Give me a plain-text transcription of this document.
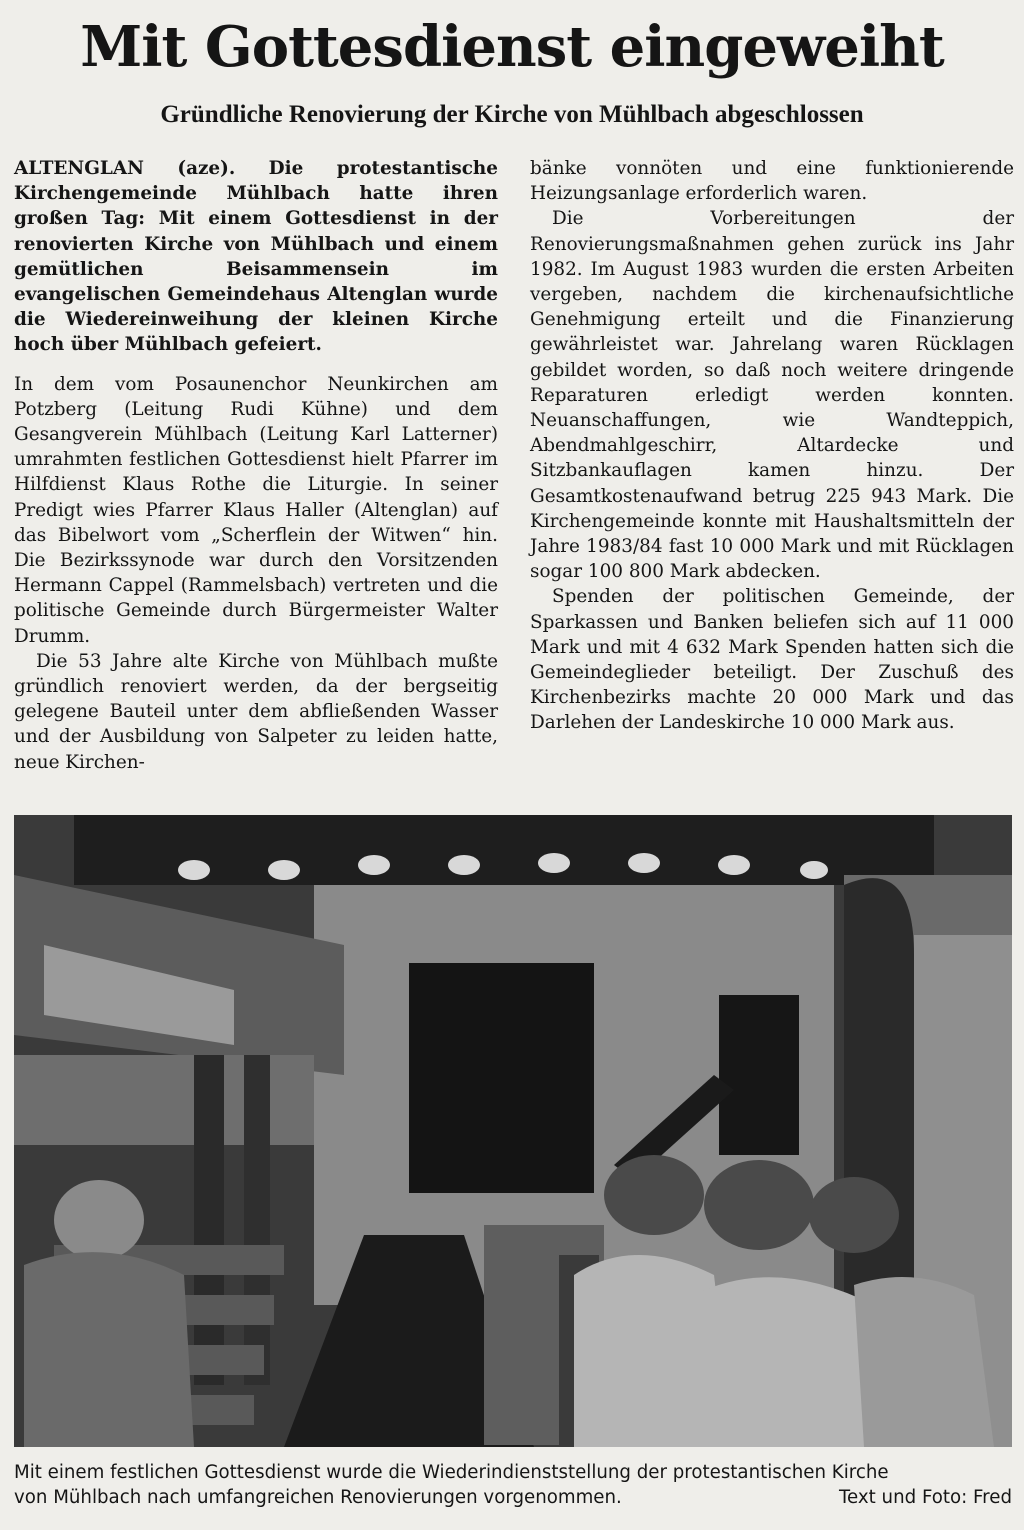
Mit Gottesdienst eingeweiht
Gründliche Renovierung der Kirche von Mühlbach abgeschlossen

ALTENGLAN (aze). Die protestantische Kirchengemeinde Mühlbach hatte ihren großen Tag: Mit einem Gottesdienst in der renovierten Kirche von Mühlbach und einem gemütlichen Beisammensein im evangelischen Gemeindehaus Altenglan wurde die Wiedereinweihung der kleinen Kirche hoch über Mühlbach gefeiert.

In dem vom Posaunenchor Neunkirchen am Potzberg (Leitung Rudi Kühne) und dem Gesangverein Mühlbach (Leitung Karl Latterner) umrahmten festlichen Gottesdienst hielt Pfarrer im Hilfdienst Klaus Rothe die Liturgie. In seiner Predigt wies Pfarrer Klaus Haller (Altenglan) auf das Bibelwort vom „Scherflein der Witwen“ hin. Die Bezirkssynode war durch den Vorsitzenden Hermann Cappel (Rammelsbach) vertreten und die politische Gemeinde durch Bürgermeister Walter Drumm.

Die 53 Jahre alte Kirche von Mühlbach mußte gründlich renoviert werden, da der bergseitig gelegene Bauteil unter dem abfließenden Wasser und der Ausbildung von Salpeter zu leiden hatte, neue Kirchen-

bänke vonnöten und eine funktionierende Heizungsanlage erforderlich waren.

Die Vorbereitungen der Renovierungsmaßnahmen gehen zurück ins Jahr 1982. Im August 1983 wurden die ersten Arbeiten vergeben, nachdem die kirchenaufsichtliche Genehmigung erteilt und die Finanzierung gewährleistet war. Jahrelang waren Rücklagen gebildet worden, so daß noch weitere dringende Reparaturen erledigt werden konnten. Neuanschaffungen, wie Wandteppich, Abendmahlgeschirr, Altardecke und Sitzbankauflagen kamen hinzu. Der Gesamtkostenaufwand betrug 225 943 Mark. Die Kirchengemeinde konnte mit Haushaltsmitteln der Jahre 1983/84 fast 10 000 Mark und mit Rücklagen sogar 100 800 Mark abdecken.

Spenden der politischen Gemeinde, der Sparkassen und Banken beliefen sich auf 11 000 Mark und mit 4 632 Mark Spenden hatten sich die Gemeindeglieder beteiligt. Der Zuschuß des Kirchenbezirks machte 20 000 Mark und das Darlehen der Landeskirche 10 000 Mark aus.

Mit einem festlichen Gottesdienst wurde die Wiederindienststellung der protestantischen Kirche

von Mühlbach nach umfangreichen Renovierungen vorgenommen.	Text und Foto: Fred
